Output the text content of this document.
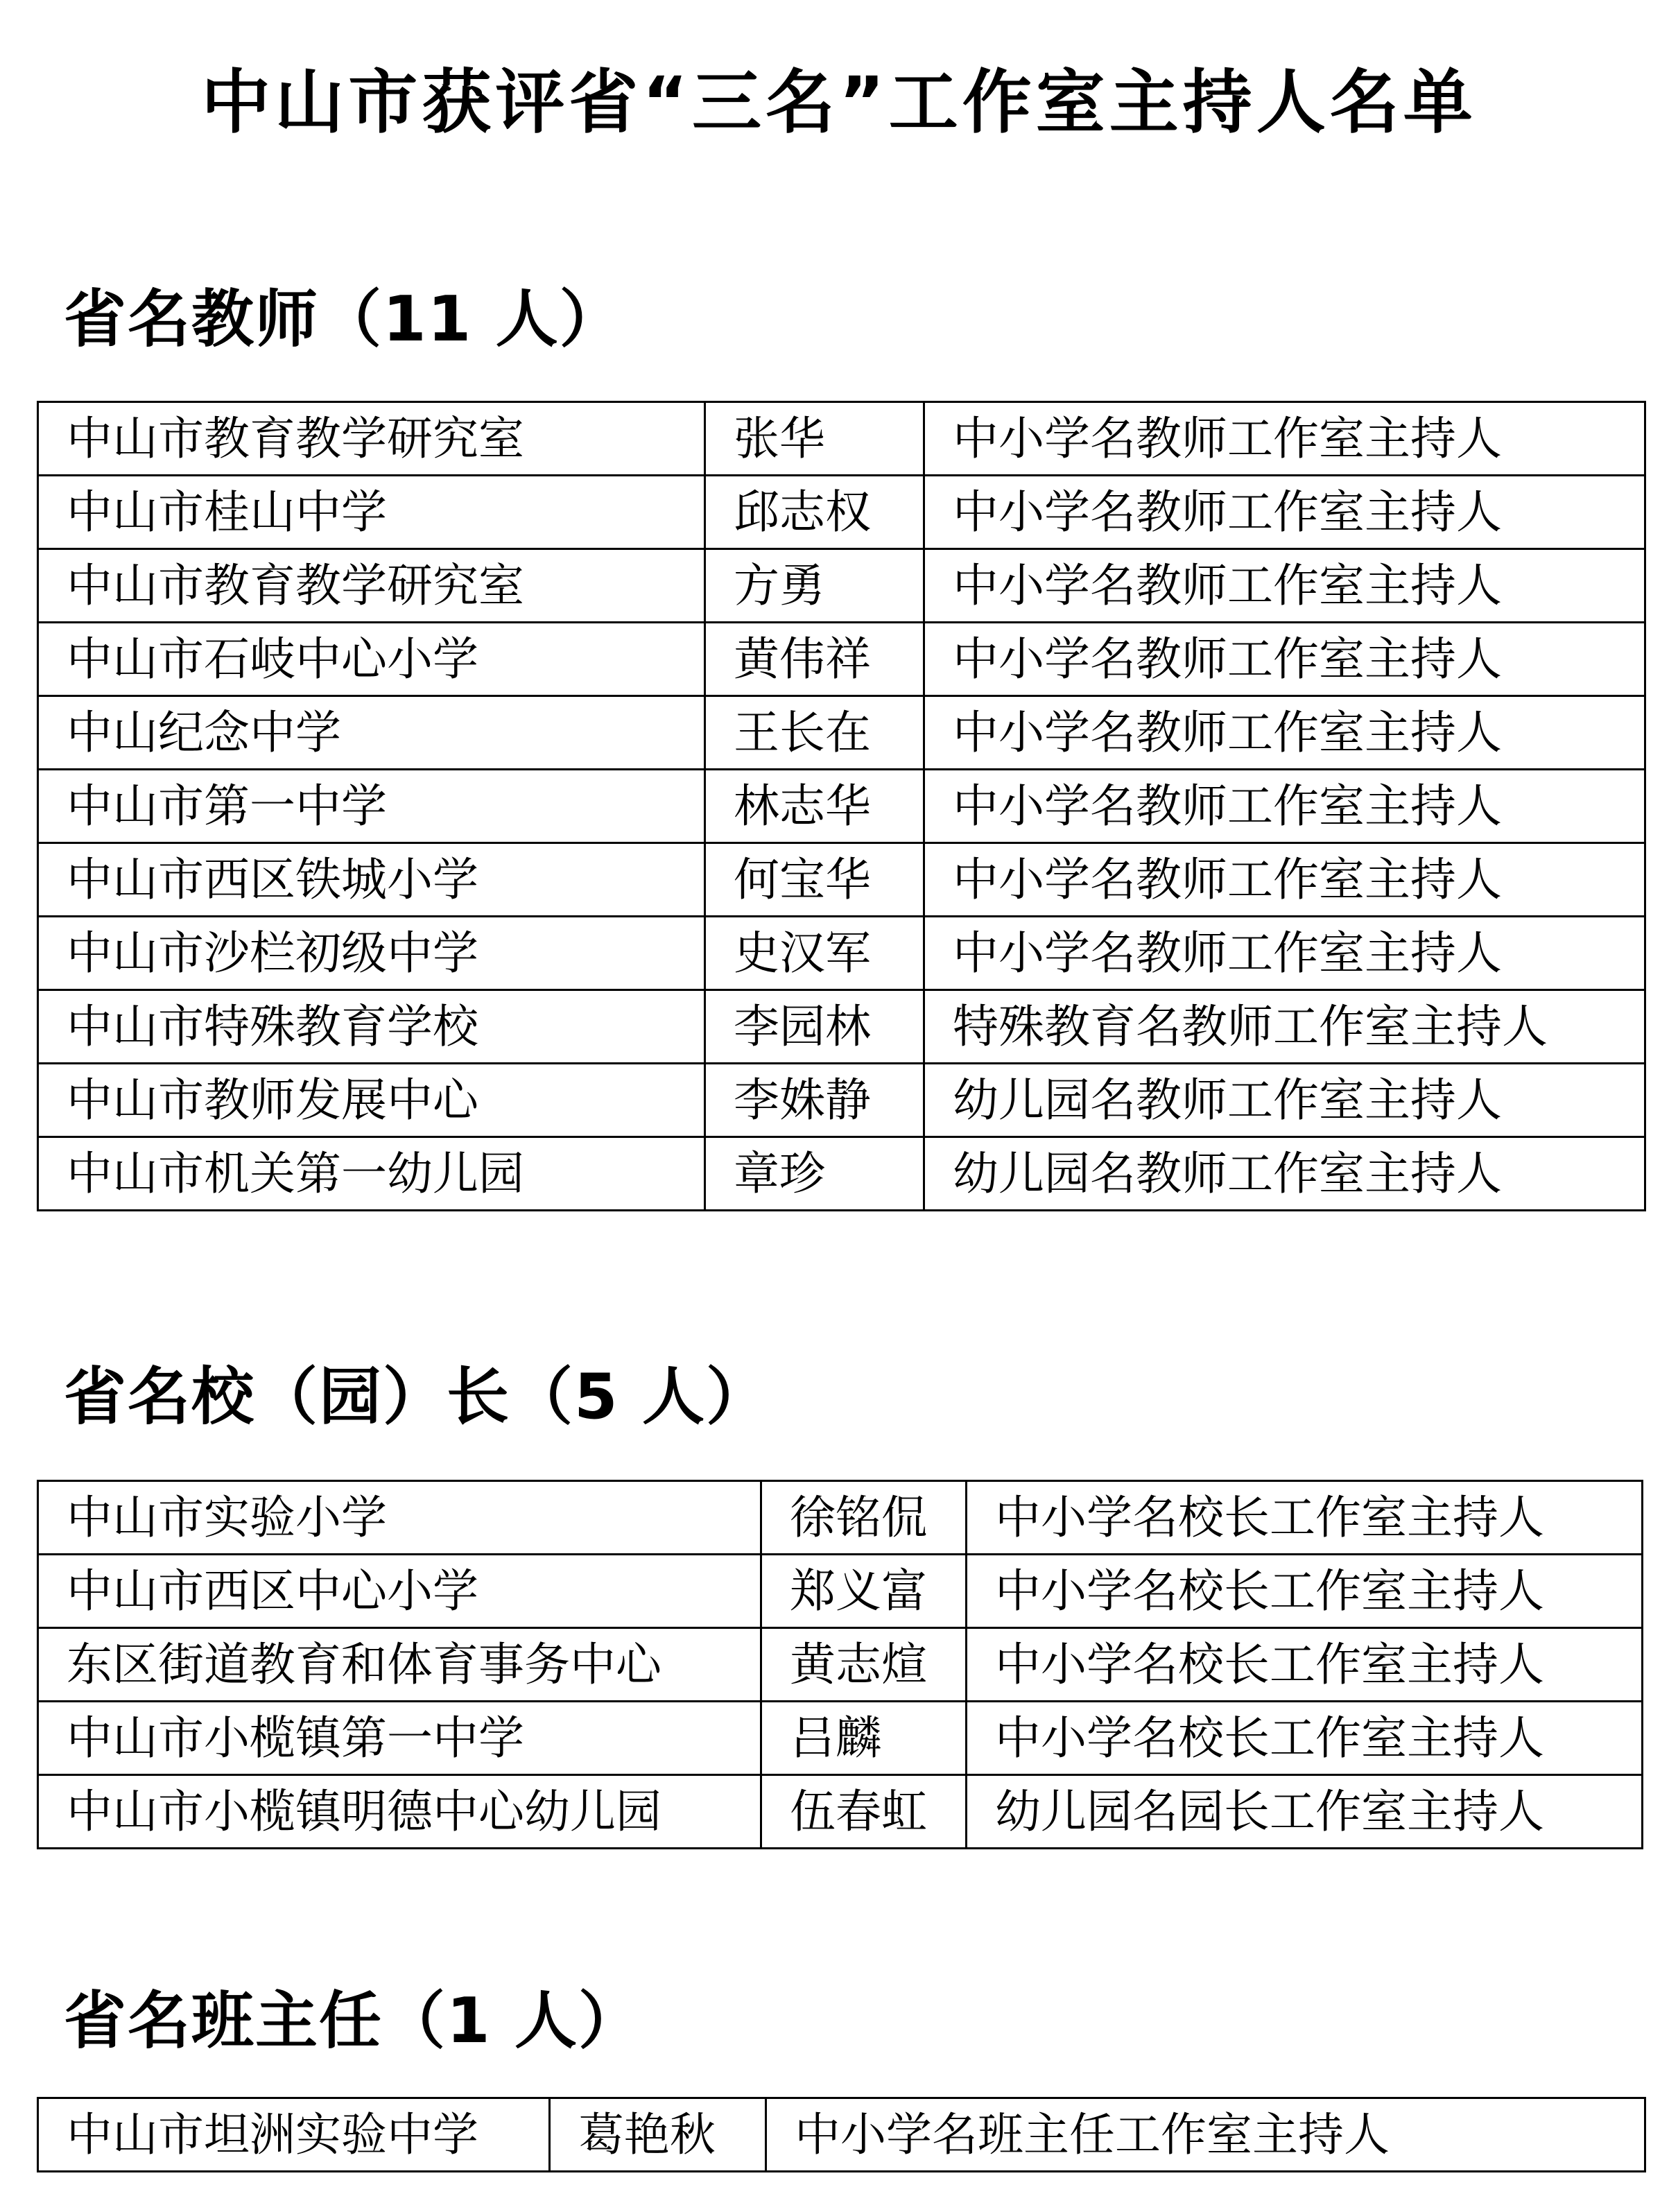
中山市获评省“三名”工作室主持人名单
省名教师（11 人）
中山市教育教学研究室	张华	中小学名教师工作室主持人
中山市桂山中学	邱志权	中小学名教师工作室主持人
中山市教育教学研究室	方勇	中小学名教师工作室主持人
中山市石岐中心小学	黄伟祥	中小学名教师工作室主持人
中山纪念中学	王长在	中小学名教师工作室主持人
中山市第一中学	林志华	中小学名教师工作室主持人
中山市西区铁城小学	何宝华	中小学名教师工作室主持人
中山市沙栏初级中学	史汉军	中小学名教师工作室主持人
中山市特殊教育学校	李园林	特殊教育名教师工作室主持人
中山市教师发展中心	李姝静	幼儿园名教师工作室主持人
中山市机关第一幼儿园	章珍	幼儿园名教师工作室主持人
省名校（园）长（5 人）
中山市实验小学	徐铭侃	中小学名校长工作室主持人
中山市西区中心小学	郑义富	中小学名校长工作室主持人
东区街道教育和体育事务中心	黄志煊	中小学名校长工作室主持人
中山市小榄镇第一中学	吕麟	中小学名校长工作室主持人
中山市小榄镇明德中心幼儿园	伍春虹	幼儿园名园长工作室主持人
省名班主任（1 人）
中山市坦洲实验中学	葛艳秋	中小学名班主任工作室主持人
